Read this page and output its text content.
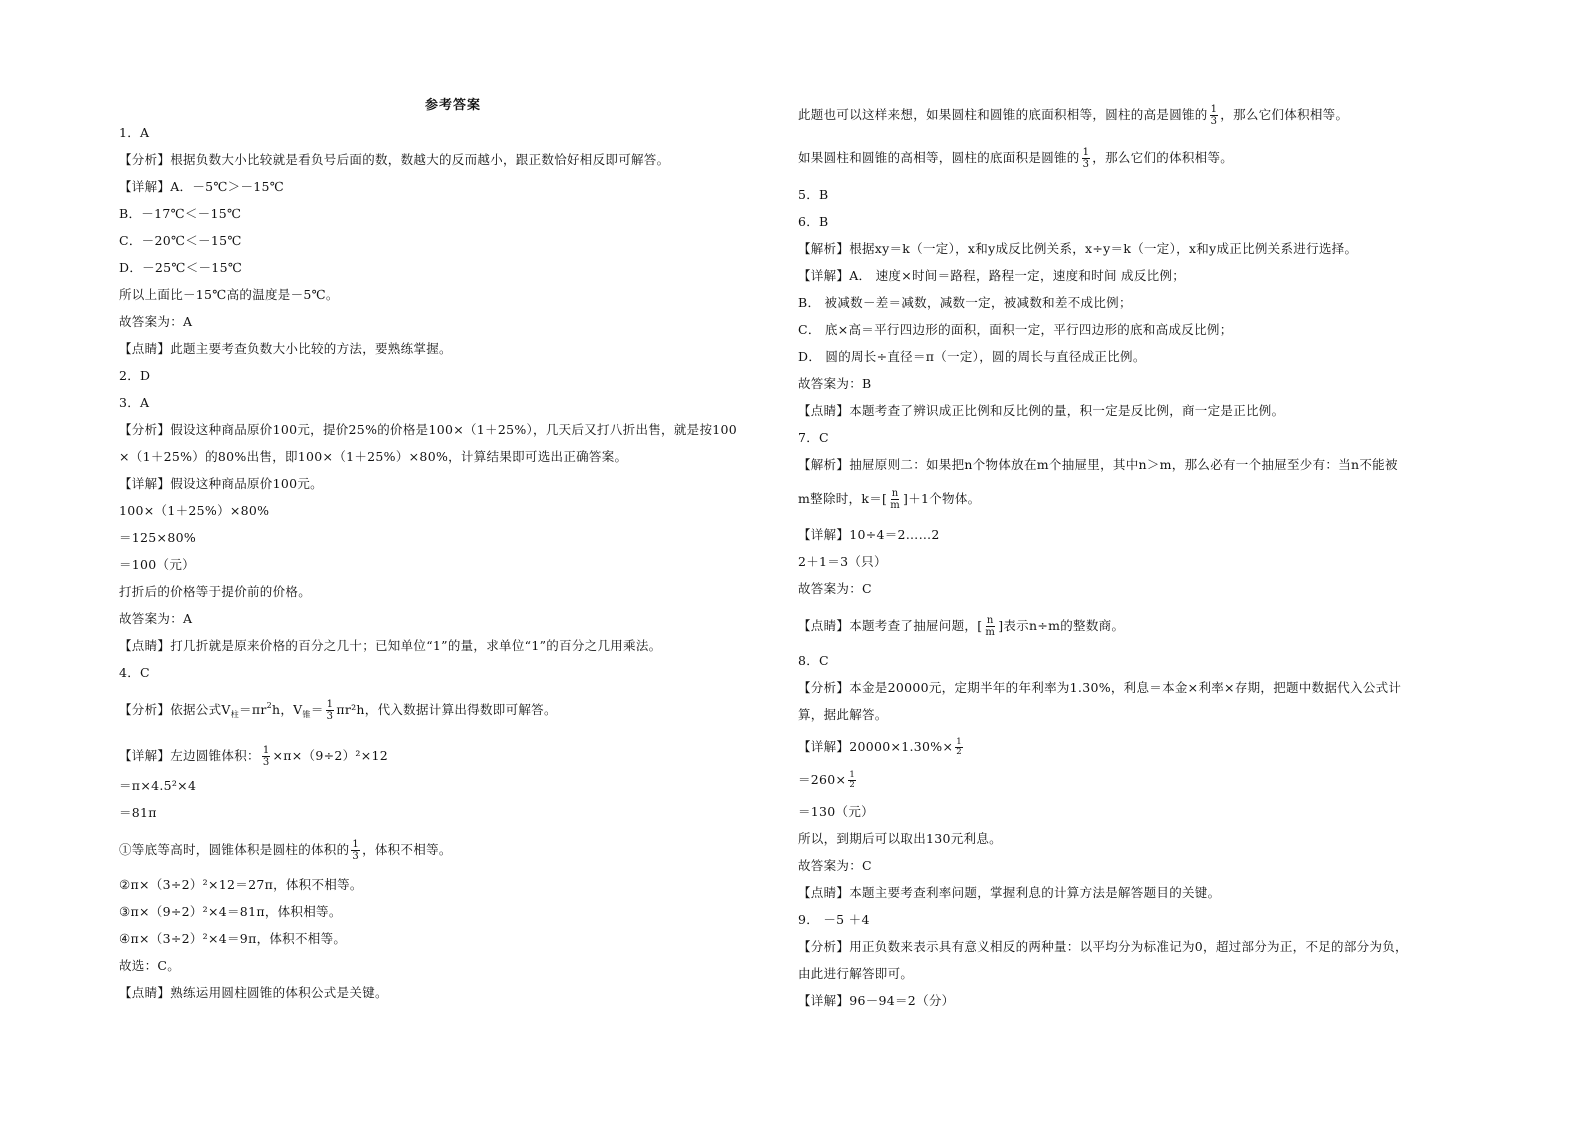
参考答案
1．A
【分析】根据负数大小比较就是看负号后面的数，数越大的反而越小，跟正数恰好相反即可解答。
【详解】A．－5℃＞－15℃
B．－17℃＜－15℃
C．－20℃＜－15℃
D．－25℃＜－15℃
所以上面比－15℃高的温度是－5℃。
故答案为：A
【点睛】此题主要考查负数大小比较的方法，要熟练掌握。
2．D
3．A
【分析】假设这种商品原价100元，提价25%的价格是100×（1＋25%），几天后又打八折出售，就是按100
×（1＋25%）的80%出售，即100×（1＋25%）×80%，计算结果即可选出正确答案。
【详解】假设这种商品原价100元。
100×（1＋25%）×80%
＝125×80%
＝100（元）
打折后的价格等于提价前的价格。
故答案为：A
【点睛】打几折就是原来价格的百分之几十；已知单位“1”的量，求单位“1”的百分之几用乘法。
4．C
＝π×4.5²×4
＝81π
②π×（3÷2）²×12＝27π，体积不相等。
③π×（9÷2）²×4＝81π，体积相等。
④π×（3÷2）²×4＝9π，体积不相等。
故选：C。
【点睛】熟练运用圆柱圆锥的体积公式是关键。
5．B
6．B
【解析】根据xy＝k（一定），x和y成反比例关系，x÷y＝k（一定），x和y成正比例关系进行选择。
【详解】A． 速度×时间＝路程，路程一定，速度和时间 成反比例；
B． 被减数－差＝减数，减数一定，被减数和差不成比例；
C． 底×高＝平行四边形的面积，面积一定，平行四边形的底和高成反比例；
D． 圆的周长÷直径＝π（一定），圆的周长与直径成正比例。
故答案为：B
【点睛】本题考查了辨识成正比例和反比例的量，积一定是反比例，商一定是正比例。
7．C
【解析】抽屉原则二：如果把n个物体放在m个抽屉里，其中n＞m，那么必有一个抽屉至少有：当n不能被
【详解】10÷4＝2……2
2＋1＝3（只）
故答案为：C
8．C
【分析】本金是20000元，定期半年的年利率为1.30%，利息＝本金×利率×存期，把题中数据代入公式计
算，据此解答。
＝130（元）
所以，到期后可以取出130元利息。
故答案为：C
【点睛】本题主要考查利率问题，掌握利息的计算方法是解答题目的关键。
9． －5 ＋4
【分析】用正负数来表示具有意义相反的两种量：以平均分为标准记为0，超过部分为正，不足的部分为负，
由此进行解答即可。
【详解】96－94＝2（分）
【分析】依据公式$V_柱=\pi r^2h$，$V_锥= \frac{1}{3} \pi r^2h$，代入数据计算出得数即可解答。
【详解】左边圆锥体积： $\frac{1}{3} \times\pi\times(9\div 2)^2\times 12$
①等底等高时，圆锥体积是圆柱的体积的 $\frac{1}{3}$ ，体积不相等。
此题也可以这样来想，如果圆柱和圆锥的底面积相等，圆柱的高是圆锥的 $\frac{1}{3}$ ，那么它们体积相等。
如果圆柱和圆锥的高相等，圆柱的底面积是圆锥的 $\frac{1}{3}$ ，那么它们的体积相等。
m整除时，$k=[ \frac{n}{m} ]+1$个物体。
【点睛】本题考查了抽屉问题，[ $\frac{n}{m}$ ]表示n÷m的整数商。
【详解】$20000\times 1.30\%\times \frac{1}{2}$
$=260\times \frac{1}{2}$
